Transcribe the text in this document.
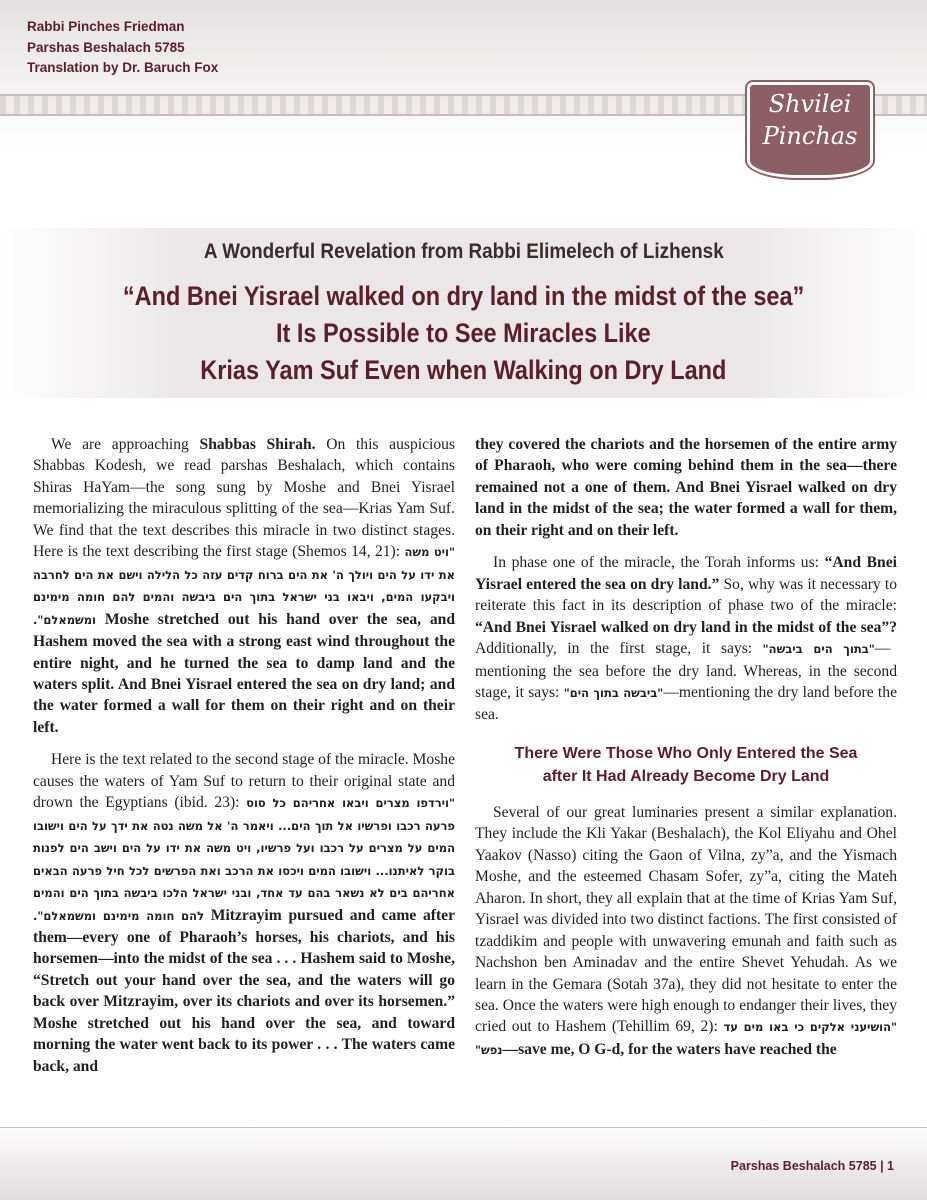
Rabbi Pinches Friedman
Parshas Beshalach 5785
Translation by Dr. Baruch Fox
Shvilei
Pinchas
A Wonderful Revelation from Rabbi Elimelech of Lizhensk
“And Bnei Yisrael walked on dry land in the midst of the sea”
It Is Possible to See Miracles Like
Krias Yam Suf Even when Walking on Dry Land

We are approaching Shabbas Shirah. On this auspicious Shabbas Kodesh, we read parshas Beshalach, which contains Shiras HaYam—the song sung by Moshe and Bnei Yisrael memorializing the miraculous splitting of the sea—Krias Yam Suf. We find that the text describes this miracle in two distinct stages. Here is the text describing the first stage (Shemos 14, 21): "ויט משה את ידו על הים ויולך ה' את הים ברוח קדים עזה כל הלילה וישם את הים לחרבה ויבקעו המים, ויבאו בני ישראל בתוך הים ביבשה והמים להם חומה מימינם ומשמאלם". Moshe stretched out his hand over the sea, and Hashem moved the sea with a strong east wind throughout the entire night, and he turned the sea to damp land and the waters split. And Bnei Yisrael entered the sea on dry land; and the water formed a wall for them on their right and on their left.

Here is the text related to the second stage of the miracle. Moshe causes the waters of Yam Suf to return to their original state and drown the Egyptians (ibid. 23): "וירדפו מצרים ויבאו אחריהם כל סוס פרעה רכבו ופרשיו אל תוך הים... ויאמר ה' אל משה נטה את ידך על הים וישובו המים על מצרים על רכבו ועל פרשיו, ויט משה את ידו על הים וישב הים לפנות בוקר לאיתנו... וישובו המים ויכסו את הרכב ואת הפרשים לכל חיל פרעה הבאים אחריהם בים לא נשאר בהם עד אחד, ובני ישראל הלכו ביבשה בתוך הים והמים להם חומה מימינם ומשמאלם". Mitzrayim pursued and came after them—every one of Pharaoh’s horses, his chariots, and his horsemen—into the midst of the sea . . . Hashem said to Moshe, “Stretch out your hand over the sea, and the waters will go back over Mitzrayim, over its chariots and over its horsemen.” Moshe stretched out his hand over the sea, and toward morning the water went back to its power . . . The waters came back, and

they covered the chariots and the horsemen of the entire army of Pharaoh, who were coming behind them in the sea—there remained not a one of them. And Bnei Yisrael walked on dry land in the midst of the sea; the water formed a wall for them, on their right and on their left.

In phase one of the miracle, the Torah informs us: “And Bnei Yisrael entered the sea on dry land.” So, why was it necessary to reiterate this fact in its description of phase two of the miracle: “And Bnei Yisrael walked on dry land in the midst of the sea”? Additionally, in the first stage, it says: "בתוך הים ביבשה"—mentioning the sea before the dry land. Whereas, in the second stage, it says: "ביבשה בתוך הים"—mentioning the dry land before the sea.

There Were Those Who Only Entered the Sea
after It Had Already Become Dry Land

Several of our great luminaries present a similar explanation. They include the Kli Yakar (Beshalach), the Kol Eliyahu and Ohel Yaakov (Nasso) citing the Gaon of Vilna, zy”a, and the Yismach Moshe, and the esteemed Chasam Sofer, zy”a, citing the Mateh Aharon. In short, they all explain that at the time of Krias Yam Suf, Yisrael was divided into two distinct factions. The first consisted of tzaddikim and people with unwavering emunah and faith such as Nachshon ben Aminadav and the entire Shevet Yehudah. As we learn in the Gemara (Sotah 37a), they did not hesitate to enter the sea. Once the waters were high enough to endanger their lives, they cried out to Hashem (Tehillim 69, 2): "הושיעני אלקים כי באו מים עד נפש"—save me, O G-d, for the waters have reached the

Parshas Beshalach 5785 | 1
